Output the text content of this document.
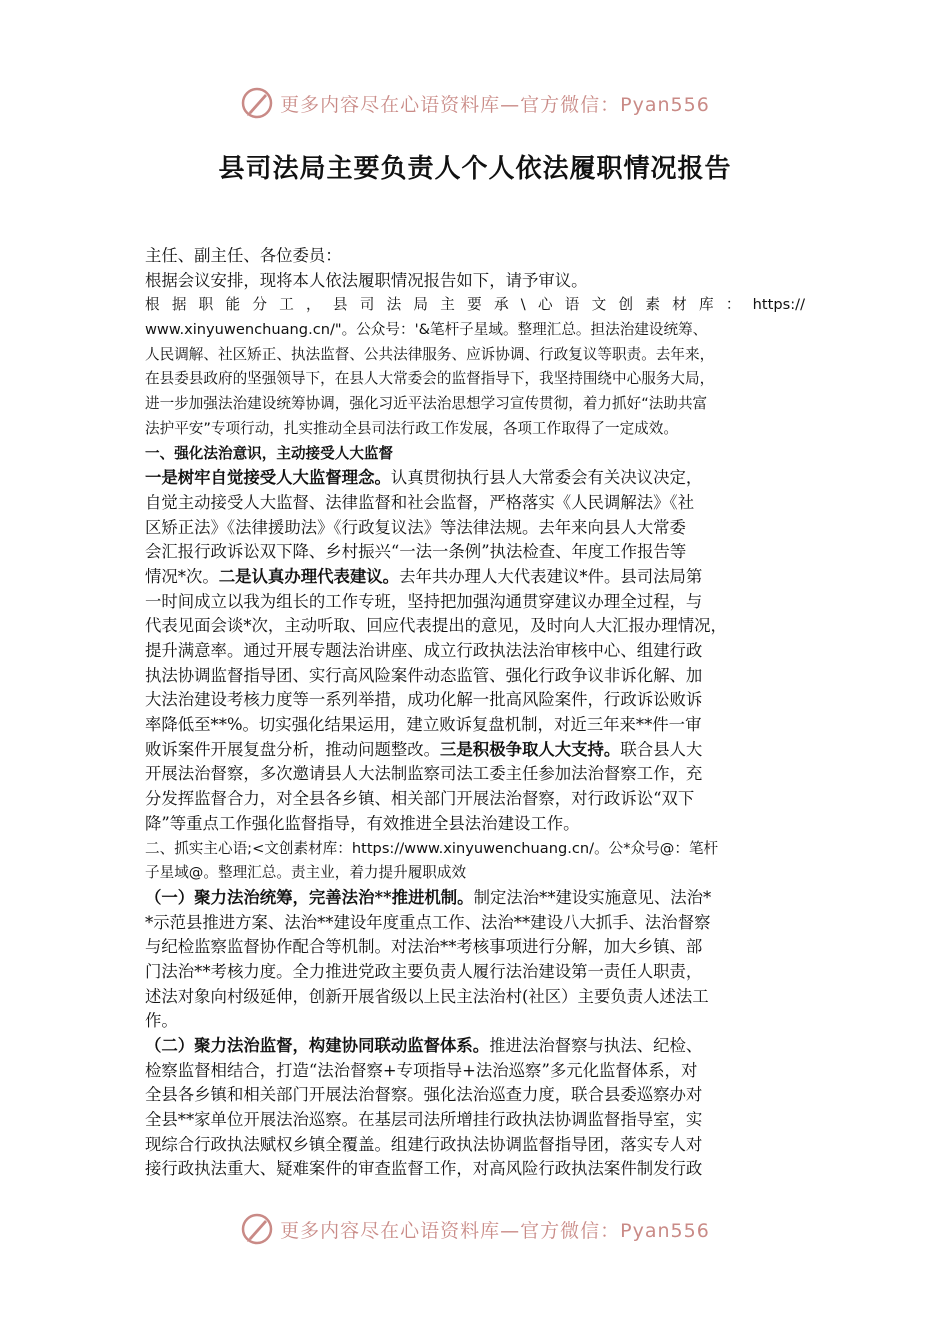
更多内容尽在心语资料库—官方微信：Pyan556
县司法局主要负责人个人依法履职情况报告
主任、副主任、各位委员：
根据会议安排，现将本人依法履职情况报告如下，请予审议。
根据职能分工，县司法局主要承\心语文创素材库：https://
www.xinyuwenchuang.cn/"。公众号：'&笔杆子星域。整理汇总。担法治建设统筹、
人民调解、社区矫正、执法监督、公共法律服务、应诉协调、行政复议等职责。去年来，
在县委县政府的坚强领导下，在县人大常委会的监督指导下，我坚持围绕中心服务大局，
进一步加强法治建设统筹协调，强化习近平法治思想学习宣传贯彻，着力抓好“法助共富
法护平安”专项行动，扎实推动全县司法行政工作发展，各项工作取得了一定成效。
一、强化法治意识，主动接受人大监督
一是树牢自觉接受人大监督理念。认真贯彻执行县人大常委会有关决议决定，
自觉主动接受人大监督、法律监督和社会监督，严格落实《人民调解法》《社
区矫正法》《法律援助法》《行政复议法》等法律法规。去年来向县人大常委
会汇报行政诉讼双下降、乡村振兴“一法一条例”执法检查、年度工作报告等
情况*次。二是认真办理代表建议。去年共办理人大代表建议*件。县司法局第
一时间成立以我为组长的工作专班，坚持把加强沟通贯穿建议办理全过程，与
代表见面会谈*次，主动听取、回应代表提出的意见，及时向人大汇报办理情况，
提升满意率。通过开展专题法治讲座、成立行政执法法治审核中心、组建行政
执法协调监督指导团、实行高风险案件动态监管、强化行政争议非诉化解、加
大法治建设考核力度等一系列举措，成功化解一批高风险案件，行政诉讼败诉
率降低至**%。切实强化结果运用，建立败诉复盘机制，对近三年来**件一审
败诉案件开展复盘分析，推动问题整改。三是积极争取人大支持。联合县人大
开展法治督察，多次邀请县人大法制监察司法工委主任参加法治督察工作，充
分发挥监督合力，对全县各乡镇、相关部门开展法治督察，对行政诉讼“双下
降”等重点工作强化监督指导，有效推进全县法治建设工作。
二、抓实主心语;<文创素材库：https://www.xinyuwenchuang.cn/。公*众号@：笔杆
子星域@。整理汇总。责主业，着力提升履职成效
（一）聚力法治统筹，完善法治**推进机制。制定法治**建设实施意见、法治*
*示范县推进方案、法治**建设年度重点工作、法治**建设八大抓手、法治督察
与纪检监察监督协作配合等机制。对法治**考核事项进行分解，加大乡镇、部
门法治**考核力度。全力推进党政主要负责人履行法治建设第一责任人职责，
述法对象向村级延伸，创新开展省级以上民主法治村(社区）主要负责人述法工
作。
（二）聚力法治监督，构建协同联动监督体系。推进法治督察与执法、纪检、
检察监督相结合，打造“法治督察+专项指导+法治巡察”多元化监督体系，对
全县各乡镇和相关部门开展法治督察。强化法治巡查力度，联合县委巡察办对
全县**家单位开展法治巡察。在基层司法所增挂行政执法协调监督指导室，实
现综合行政执法赋权乡镇全覆盖。组建行政执法协调监督指导团，落实专人对
接行政执法重大、疑难案件的审查监督工作，对高风险行政执法案件制发行政
更多内容尽在心语资料库—官方微信：Pyan556
